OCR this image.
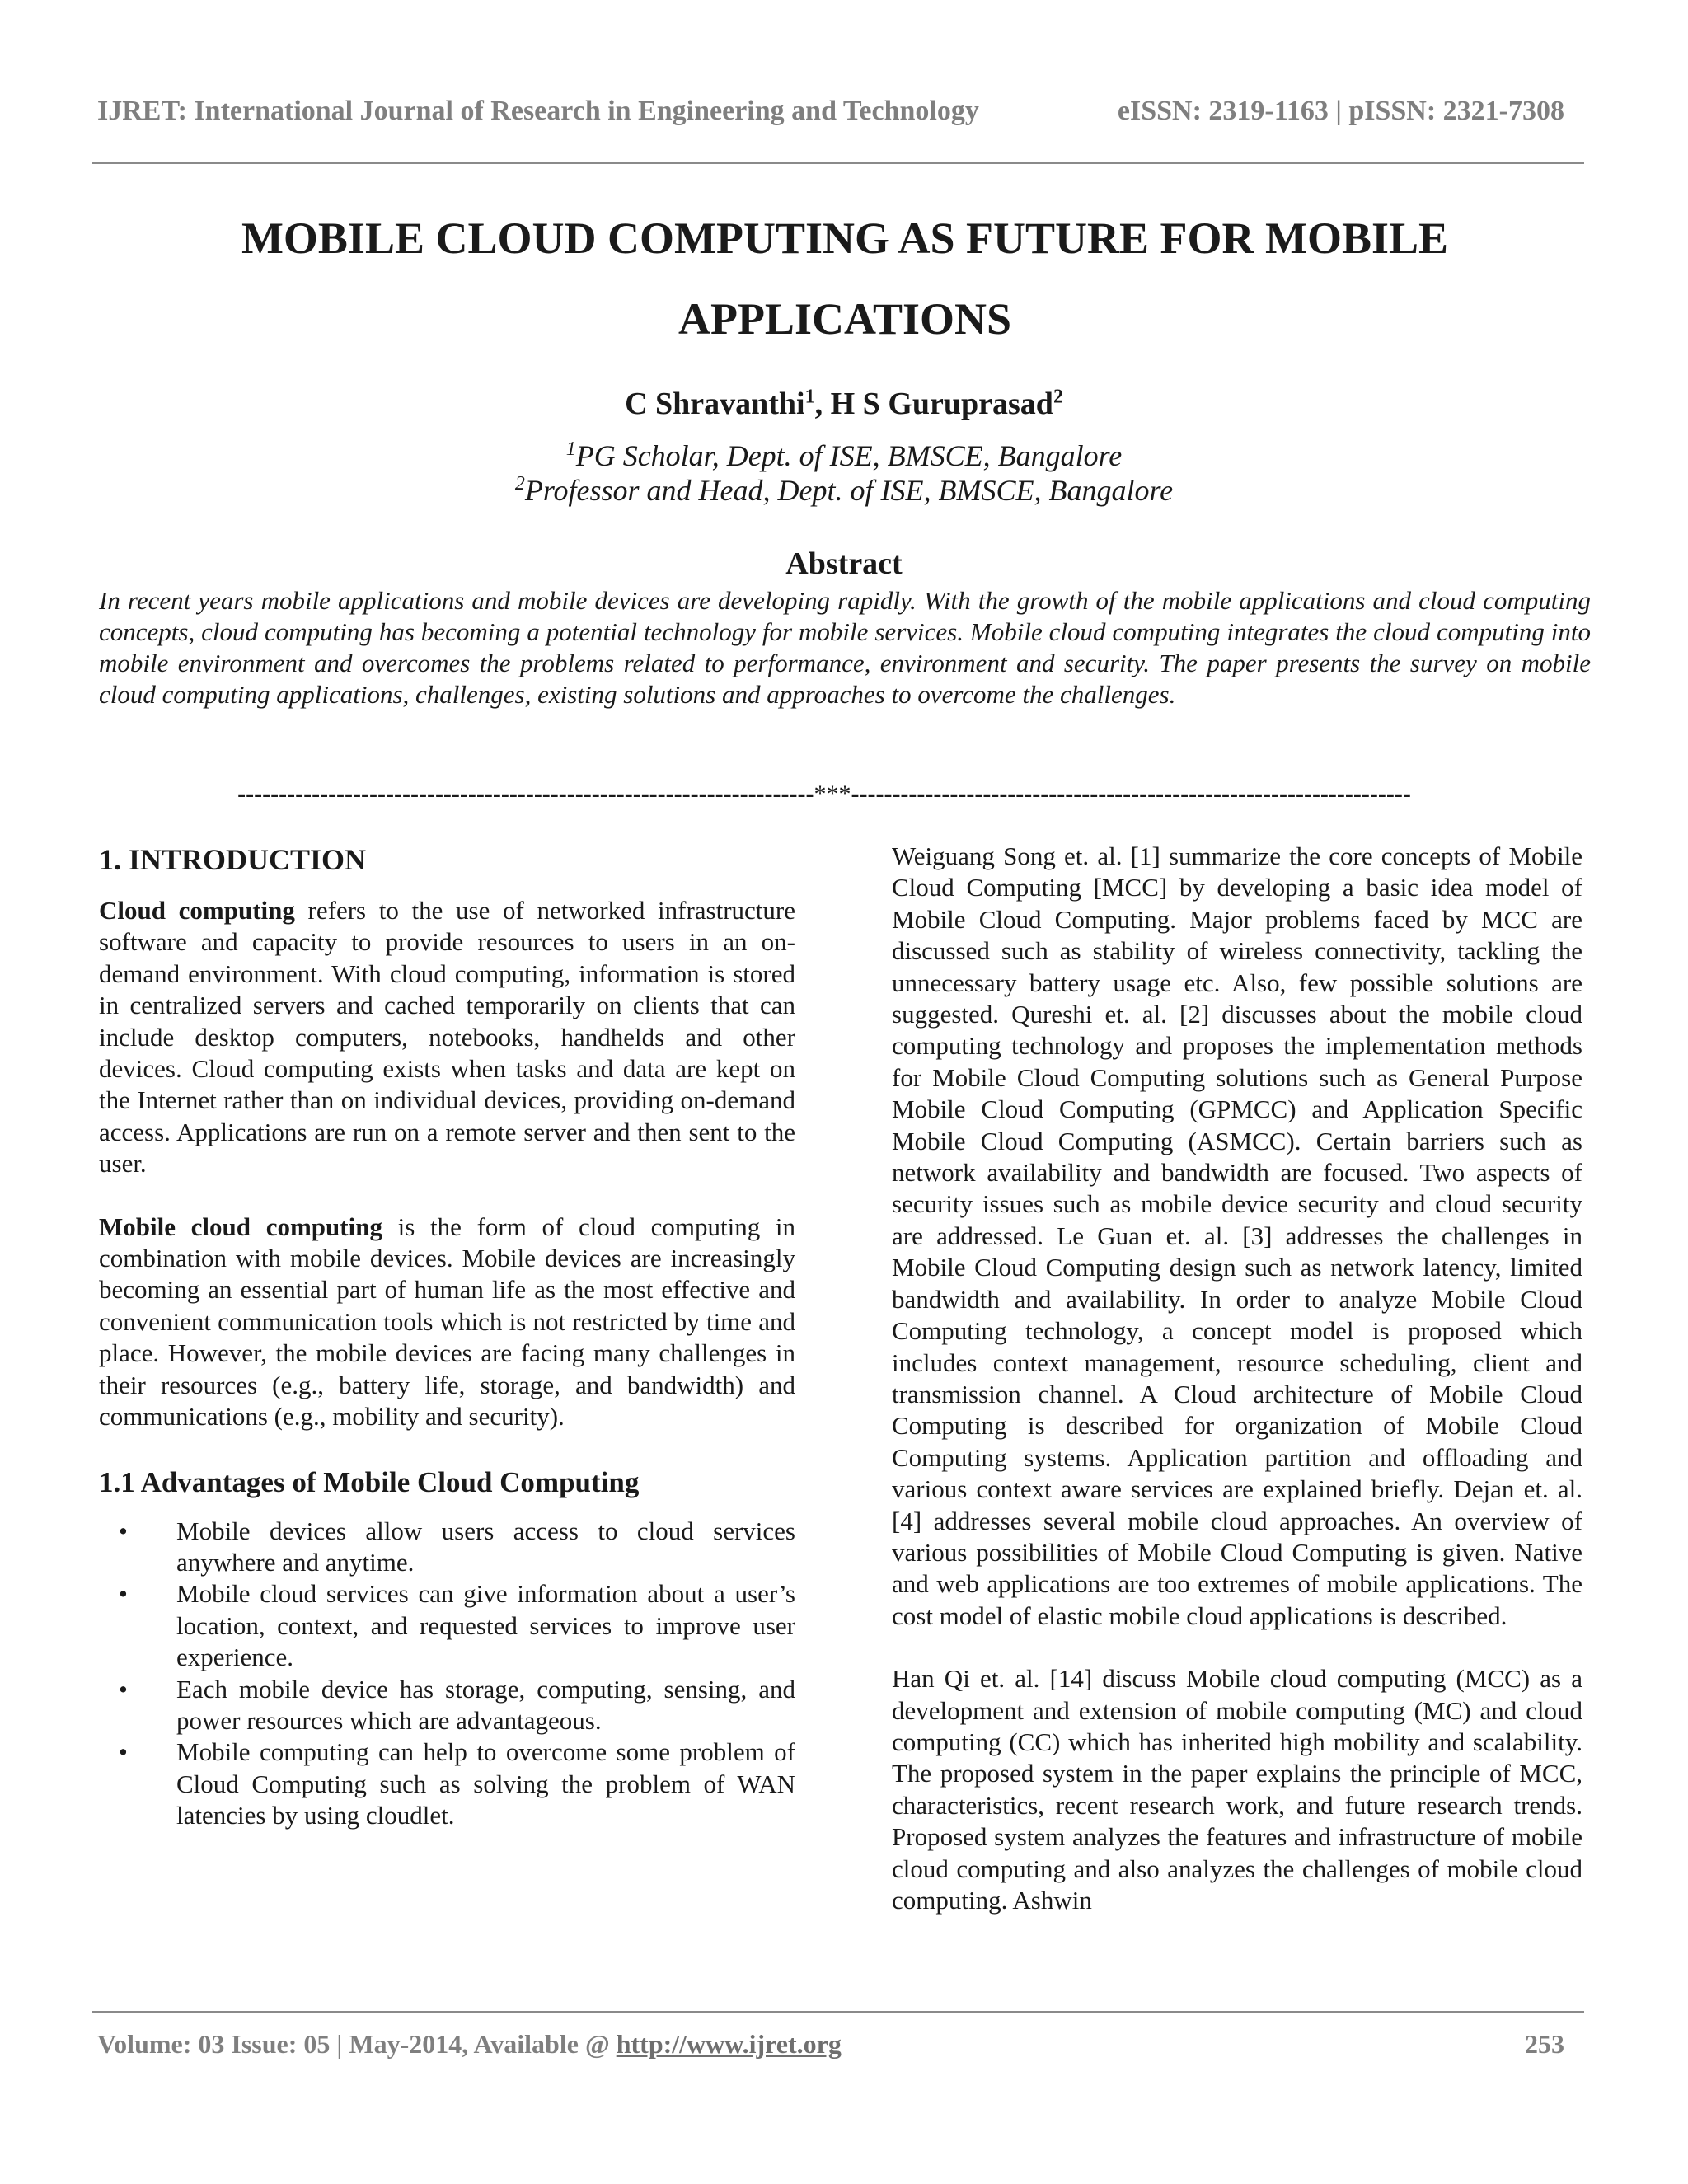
IJRET: International Journal of Research in Engineering and Technology	eISSN: 2319-1163 | pISSN: 2321-7308
MOBILE CLOUD COMPUTING AS FUTURE FOR MOBILE
APPLICATIONS
C Shravanthi$^1$, H S Guruprasad$^2$
$^1$PG Scholar, Dept. of ISE, BMSCE, Bangalore
$^2$Professor and Head, Dept. of ISE, BMSCE, Bangalore
Abstract

In recent years mobile applications and mobile devices are developing rapidly. With the growth of the mobile applications and cloud computing concepts, cloud computing has becoming a potential technology for mobile services. Mobile cloud computing integrates the cloud computing into mobile environment and overcomes the problems related to performance, environment and security. The paper presents the survey on mobile cloud computing applications, challenges, existing solutions and approaches to overcome the challenges.

----------------------------------------------------------------------***--------------------------------------------------------------------
1. INTRODUCTION

Cloud computing refers to the use of networked infrastructure software and capacity to provide resources to users in an on-demand environment. With cloud computing, information is stored in centralized servers and cached temporarily on clients that can include desktop computers, notebooks, handhelds and other devices. Cloud computing exists when tasks and data are kept on the Internet rather than on individual devices, providing on-demand access. Applications are run on a remote server and then sent to the user.

Mobile cloud computing is the form of cloud computing in combination with mobile devices. Mobile devices are increasingly becoming an essential part of human life as the most effective and convenient communication tools which is not restricted by time and place. However, the mobile devices are facing many challenges in their resources (e.g., battery life, storage, and bandwidth) and communications (e.g., mobility and security).

1.1 Advantages of Mobile Cloud Computing
• Mobile devices allow users access to cloud services anywhere and anytime.
• Mobile cloud services can give information about a user’s location, context, and requested services to improve user experience.
• Each mobile device has storage, computing, sensing, and power resources which are advantageous.
• Mobile computing can help to overcome some problem of Cloud Computing such as solving the problem of WAN latencies by using cloudlet.

Weiguang Song et. al. [1] summarize the core concepts of Mobile Cloud Computing [MCC] by developing a basic idea model of Mobile Cloud Computing. Major problems faced by MCC are discussed such as stability of wireless connectivity, tackling the unnecessary battery usage etc. Also, few possible solutions are suggested. Qureshi et. al. [2] discusses about the mobile cloud computing technology and proposes the implementation methods for Mobile Cloud Computing solutions such as General Purpose Mobile Cloud Computing (GPMCC) and Application Specific Mobile Cloud Computing (ASMCC). Certain barriers such as network availability and bandwidth are focused. Two aspects of security issues such as mobile device security and cloud security are addressed. Le Guan et. al. [3] addresses the challenges in Mobile Cloud Computing design such as network latency, limited bandwidth and availability. In order to analyze Mobile Cloud Computing technology, a concept model is proposed which includes context management, resource scheduling, client and transmission channel. A Cloud architecture of Mobile Cloud Computing is described for organization of Mobile Cloud Computing systems. Application partition and offloading and various context aware services are explained briefly. Dejan et. al. [4] addresses several mobile cloud approaches. An overview of various possibilities of Mobile Cloud Computing is given. Native and web applications are too extremes of mobile applications. The cost model of elastic mobile cloud applications is described.

Han Qi et. al. [14] discuss Mobile cloud computing (MCC) as a development and extension of mobile computing (MC) and cloud computing (CC) which has inherited high mobility and scalability. The proposed system in the paper explains the principle of MCC, characteristics, recent research work, and future research trends. Proposed system analyzes the features and infrastructure of mobile cloud computing and also analyzes the challenges of mobile cloud computing. Ashwin

Volume: 03 Issue: 05 | May-2014, Available @ http://www.ijret.org	253
